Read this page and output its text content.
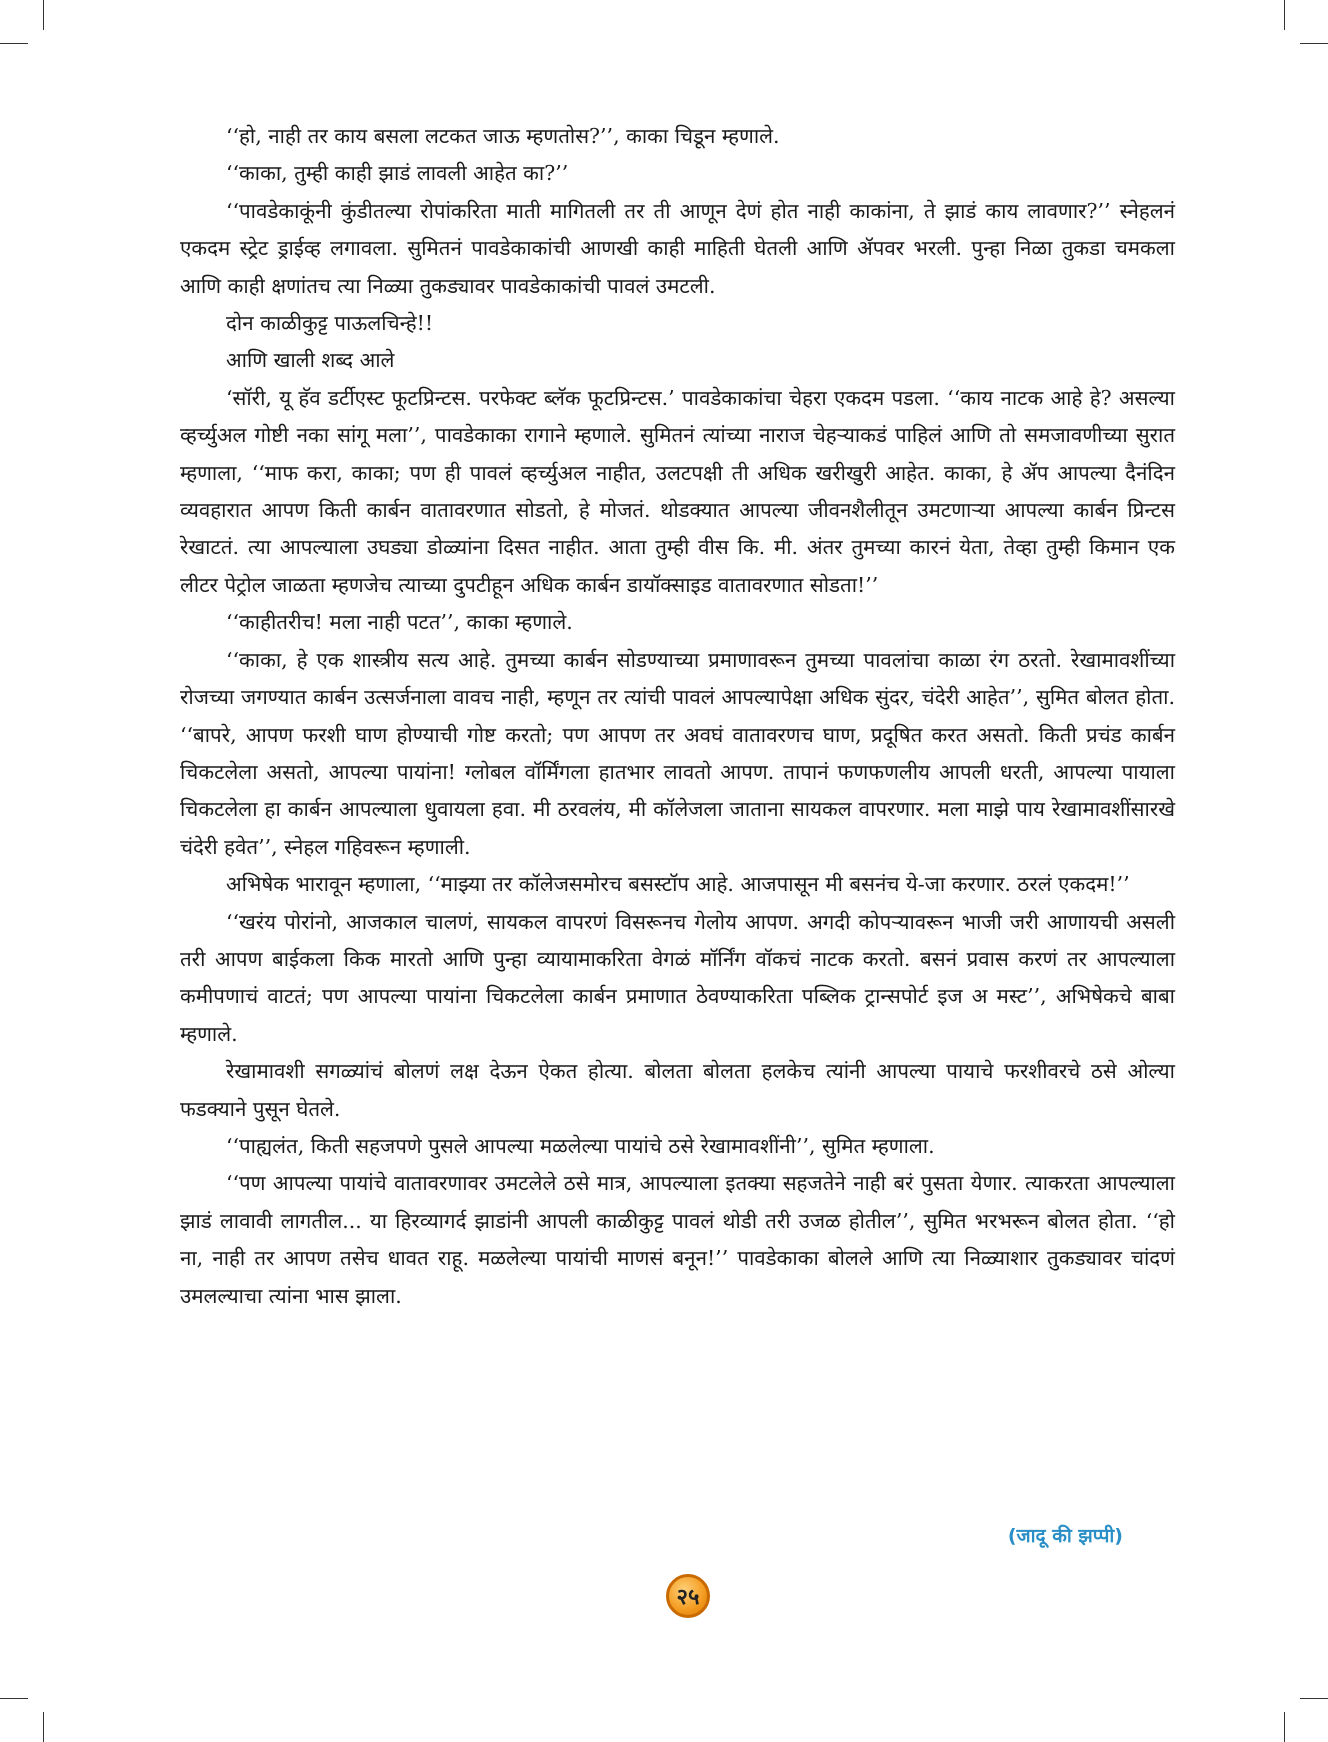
‘‘हो, नाही तर काय बसला लटकत जाऊ म्हणतोस?’’, काका चिडून म्हणाले.

‘‘काका, तुम्ही काही झाडं लावली आहेत का?’’

‘‘पावडेकाकूंनी कुंडीतल्या रोपांकरिता माती मागितली तर ती आणून देणं होत नाही काकांना, ते झाडं काय लावणार?’’ स्नेहलनं एकदम स्ट्रेट ड्राईव्ह लगावला. सुमितनं पावडेकाकांची आणखी काही माहिती घेतली आणि ॲपवर भरली. पुन्हा निळा तुकडा चमकला आणि काही क्षणांतच त्या निळ्या तुकड्यावर पावडेकाकांची पावलं उमटली.

दोन काळीकुट्ट पाऊलचिन्हे!!

आणि खाली शब्द आले

‘सॉरी, यू हॅव डर्टीएस्ट फूटप्रिन्टस. परफेक्ट ब्लॅक फूटप्रिन्टस.’ पावडेकाकांचा चेहरा एकदम पडला. ‘‘काय नाटक आहे हे? असल्या व्हर्च्युअल गोष्टी नका सांगू मला’’, पावडेकाका रागाने म्हणाले. सुमितनं त्यांच्या नाराज चेहऱ्याकडं पाहिलं आणि तो समजावणीच्या सुरात म्हणाला, ‘‘माफ करा, काका; पण ही पावलं व्हर्च्युअल नाहीत, उलटपक्षी ती अधिक खरीखुरी आहेत. काका, हे ॲप आपल्या दैनंदिन व्यवहारात आपण किती कार्बन वातावरणात सोडतो, हे मोजतं. थोडक्यात आपल्या जीवनशैलीतून उमटणाऱ्या आपल्या कार्बन प्रिन्टस रेखाटतं. त्या आपल्याला उघड्या डोळ्यांना दिसत नाहीत. आता तुम्ही वीस कि. मी. अंतर तुमच्या कारनं येता, तेव्हा तुम्ही किमान एक लीटर पेट्रोल जाळता म्हणजेच त्याच्या दुपटीहून अधिक कार्बन डायॉक्साइड वातावरणात सोडता!’’

‘‘काहीतरीच! मला नाही पटत’’, काका म्हणाले.

‘‘काका, हे एक शास्त्रीय सत्य आहे. तुमच्या कार्बन सोडण्याच्या प्रमाणावरून तुमच्या पावलांचा काळा रंग ठरतो. रेखामावशींच्या रोजच्या जगण्यात कार्बन उत्सर्जनाला वावच नाही, म्हणून तर त्यांची पावलं आपल्यापेक्षा अधिक सुंदर, चंदेरी आहेत’’, सुमित बोलत होता. ‘‘बापरे, आपण फरशी घाण होण्याची गोष्ट करतो; पण आपण तर अवघं वातावरणच घाण, प्रदूषित करत असतो. किती प्रचंड कार्बन चिकटलेला असतो, आपल्या पायांना! ग्लोबल वॉर्मिंगला हातभार लावतो आपण. तापानं फणफणलीय आपली धरती, आपल्या पायाला चिकटलेला हा कार्बन आपल्याला धुवायला हवा. मी ठरवलंय, मी कॉलेजला जाताना सायकल वापरणार. मला माझे पाय रेखामावशींसारखे चंदेरी हवेत’’, स्नेहल गहिवरून म्हणाली.

अभिषेक भारावून म्हणाला, ‘‘माझ्या तर कॉलेजसमोरच बसस्टॉप आहे. आजपासून मी बसनंच ये-जा करणार. ठरलं एकदम!’’

‘‘खरंय पोरांनो, आजकाल चालणं, सायकल वापरणं विसरूनच गेलोय आपण. अगदी कोपऱ्यावरून भाजी जरी आणायची असली तरी आपण बाईकला किक मारतो आणि पुन्हा व्यायामाकरिता वेगळं मॉर्निंग वॉकचं नाटक करतो. बसनं प्रवास करणं तर आपल्याला कमीपणाचं वाटतं; पण आपल्या पायांना चिकटलेला कार्बन प्रमाणात ठेवण्याकरिता पब्लिक ट्रान्सपोर्ट इज अ मस्ट’’, अभिषेकचे बाबा म्हणाले.

रेखामावशी सगळ्यांचं बोलणं लक्ष देऊन ऐकत होत्या. बोलता बोलता हलकेच त्यांनी आपल्या पायाचे फरशीवरचे ठसे ओल्या फडक्याने पुसून घेतले.

‘‘पाह्यलंत, किती सहजपणे पुसले आपल्या मळलेल्या पायांचे ठसे रेखामावशींनी’’, सुमित म्हणाला.

‘‘पण आपल्या पायांचे वातावरणावर उमटलेले ठसे मात्र, आपल्याला इतक्या सहजतेने नाही बरं पुसता येणार. त्याकरता आपल्याला झाडं लावावी लागतील... या हिरव्यागर्द झाडांनी आपली काळीकुट्ट पावलं थोडी तरी उजळ होतील’’, सुमित भरभरून बोलत होता. ‘‘हो ना, नाही तर आपण तसेच धावत राहू. मळलेल्या पायांची माणसं बनून!’’ पावडेकाका बोलले आणि त्या निळ्याशार तुकड्यावर चांदणं उमलल्याचा त्यांना भास झाला.

(जादू की झप्पी)
२५
